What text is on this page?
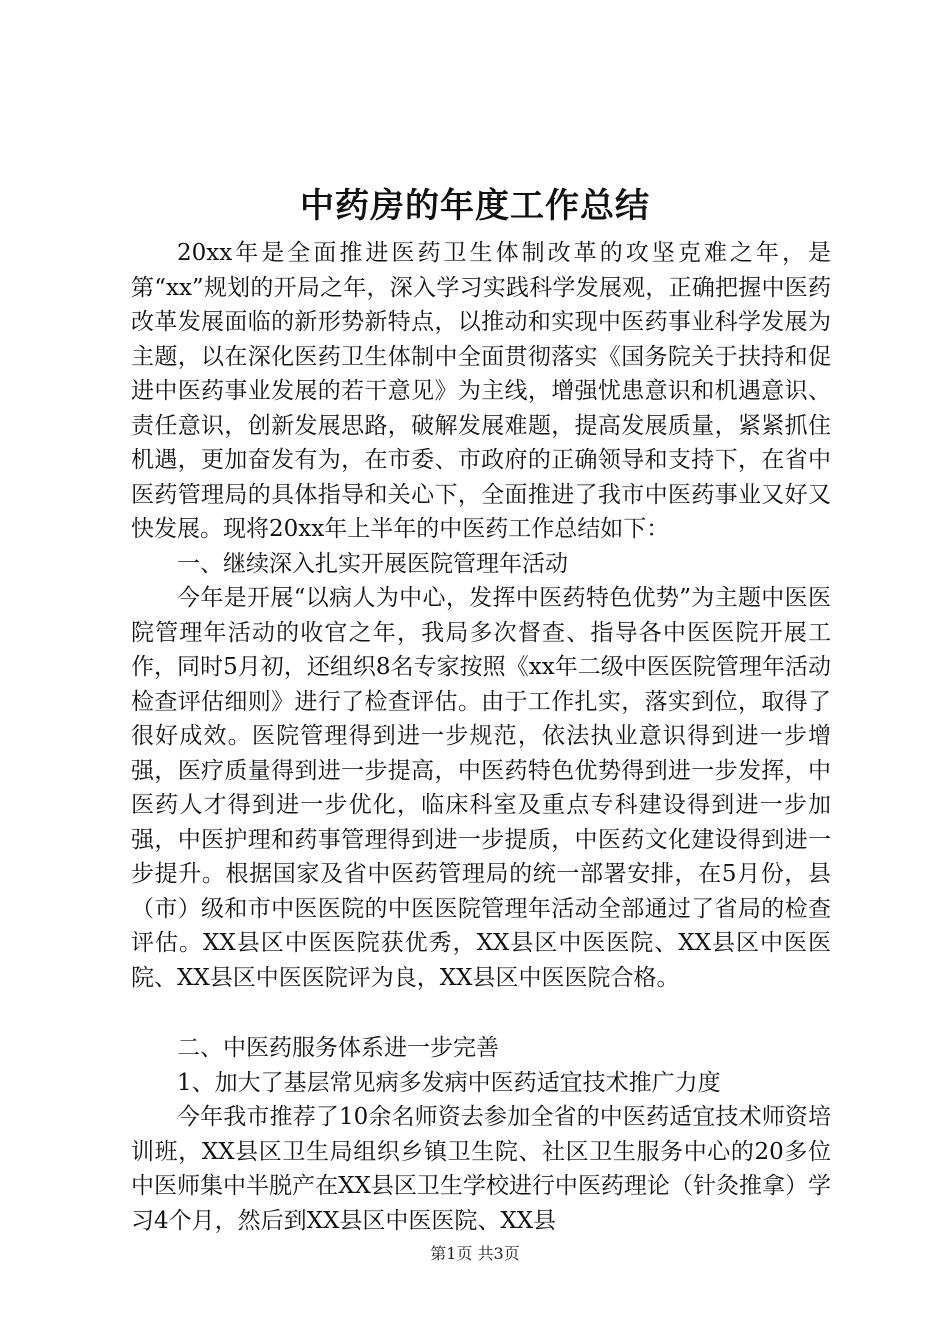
中药房的年度工作总结

20xx年是全面推进医药卫生体制改革的攻坚克难之年，是第“xx”规划的开局之年，深入学习实践科学发展观，正确把握中医药改革发展面临的新形势新特点，以推动和实现中医药事业科学发展为主题，以在深化医药卫生体制中全面贯彻落实《国务院关于扶持和促进中医药事业发展的若干意见》为主线，增强忧患意识和机遇意识、责任意识，创新发展思路，破解发展难题，提高发展质量，紧紧抓住机遇，更加奋发有为，在市委、市政府的正确领导和支持下，在省中医药管理局的具体指导和关心下，全面推进了我市中医药事业又好又快发展。现将20xx年上半年的中医药工作总结如下：

一、继续深入扎实开展医院管理年活动

今年是开展“以病人为中心，发挥中医药特色优势”为主题中医医院管理年活动的收官之年，我局多次督查、指导各中医医院开展工作，同时5月初，还组织8名专家按照《xx年二级中医医院管理年活动检查评估细则》进行了检查评估。由于工作扎实，落实到位，取得了很好成效。医院管理得到进一步规范，依法执业意识得到进一步增强，医疗质量得到进一步提高，中医药特色优势得到进一步发挥，中医药人才得到进一步优化，临床科室及重点专科建设得到进一步加强，中医护理和药事管理得到进一步提质，中医药文化建设得到进一步提升。根据国家及省中医药管理局的统一部署安排，在5月份，县（市）级和市中医医院的中医医院管理年活动全部通过了省局的检查评估。XX县区中医医院获优秀，XX县区中医医院、XX县区中医医院、XX县区中医医院评为良，XX县区中医医院合格。

二、中医药服务体系进一步完善

1、加大了基层常见病多发病中医药适宜技术推广力度

今年我市推荐了10余名师资去参加全省的中医药适宜技术师资培训班，XX县区卫生局组织乡镇卫生院、社区卫生服务中心的20多位中医师集中半脱产在XX县区卫生学校进行中医药理论（针灸推拿）学习4个月，然后到XX县区中医医院、XX县

第1页 共3页
